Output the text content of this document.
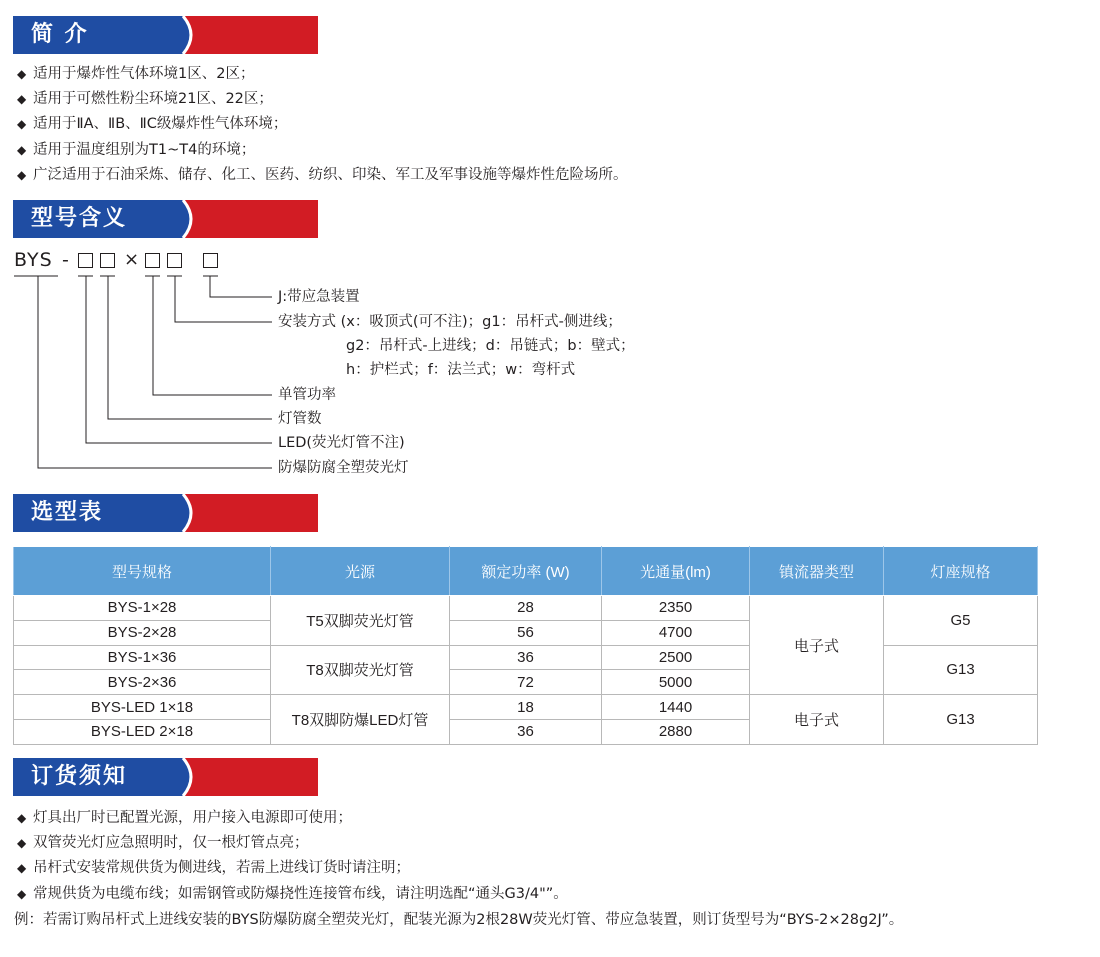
简 介
◆ 适用于爆炸性气体环境1区、2区；
◆ 适用于可燃性粉尘环境21区、22区；
◆ 适用于ⅡA、ⅡB、ⅡC级爆炸性气体环境；
◆ 适用于温度组别为T1~T4的环境；
◆ 广泛适用于石油采炼、储存、化工、医药、纺织、印染、军工及军事设施等爆炸性危险场所。
型号含义
BYS -	×
J:带应急装置
安装方式 (x：吸顶式(可不注)；g1：吊杆式-侧进线；
g2：吊杆式-上进线；d：吊链式；b：壁式；
h：护栏式；f：法兰式；w：弯杆式
单管功率
灯管数
LED(荧光灯管不注)
防爆防腐全塑荧光灯
选型表
型号规格	光源	额定功率 (W)	光通量(lm)	镇流器类型	灯座规格
BYS-1×28	T5双脚荧光灯管	28	2350	电子式	G5
BYS-2×28		56	4700		
BYS-1×36	T8双脚荧光灯管	36	2500		G13
BYS-2×36		72	5000		
BYS-LED 1×18	T8双脚防爆LED灯管	18	1440	电子式	G13
BYS-LED 2×18		36	2880		
订货须知
◆ 灯具出厂时已配置光源，用户接入电源即可使用；
◆ 双管荧光灯应急照明时，仅一根灯管点亮；
◆ 吊杆式安装常规供货为侧进线，若需上进线订货时请注明；
◆ 常规供货为电缆布线；如需钢管或防爆挠性连接管布线，请注明选配“通头G3/4"”。
例：若需订购吊杆式上进线安装的BYS防爆防腐全塑荧光灯，配装光源为2根28W荧光灯管、带应急装置，则订货型号为“BYS-2×28g2J”。
